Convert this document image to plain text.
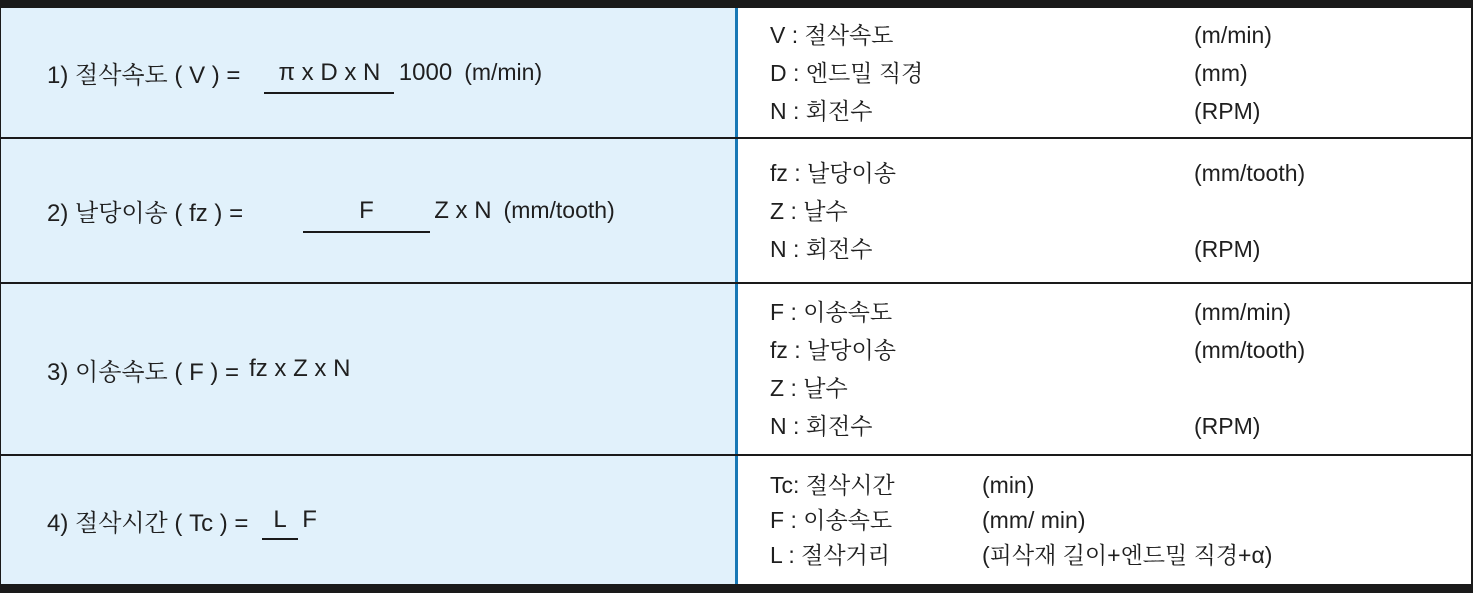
1) 절삭속도 ( V ) =	π x D x N 1000 (m/min)
V : 절삭속도	(m/min)
D : 엔드밀 직경	(mm)
N : 회전수	(RPM)
2) 날당이송 ( fz ) =	F	Z x N (mm/tooth)
fz : 날당이송	(mm/tooth)
Z : 날수
N : 회전수	(RPM)
3) 이송속도 ( F ) = fz x Z x N
F : 이송속도	(mm/min)
fz : 날당이송	(mm/tooth)
Z : 날수
N : 회전수	(RPM)
4) 절삭시간 ( Tc ) =	L F
Tc: 절삭시간	(min)
F : 이송속도	(mm/ min)
L : 절삭거리	(피삭재 길이+엔드밀 직경+α)
